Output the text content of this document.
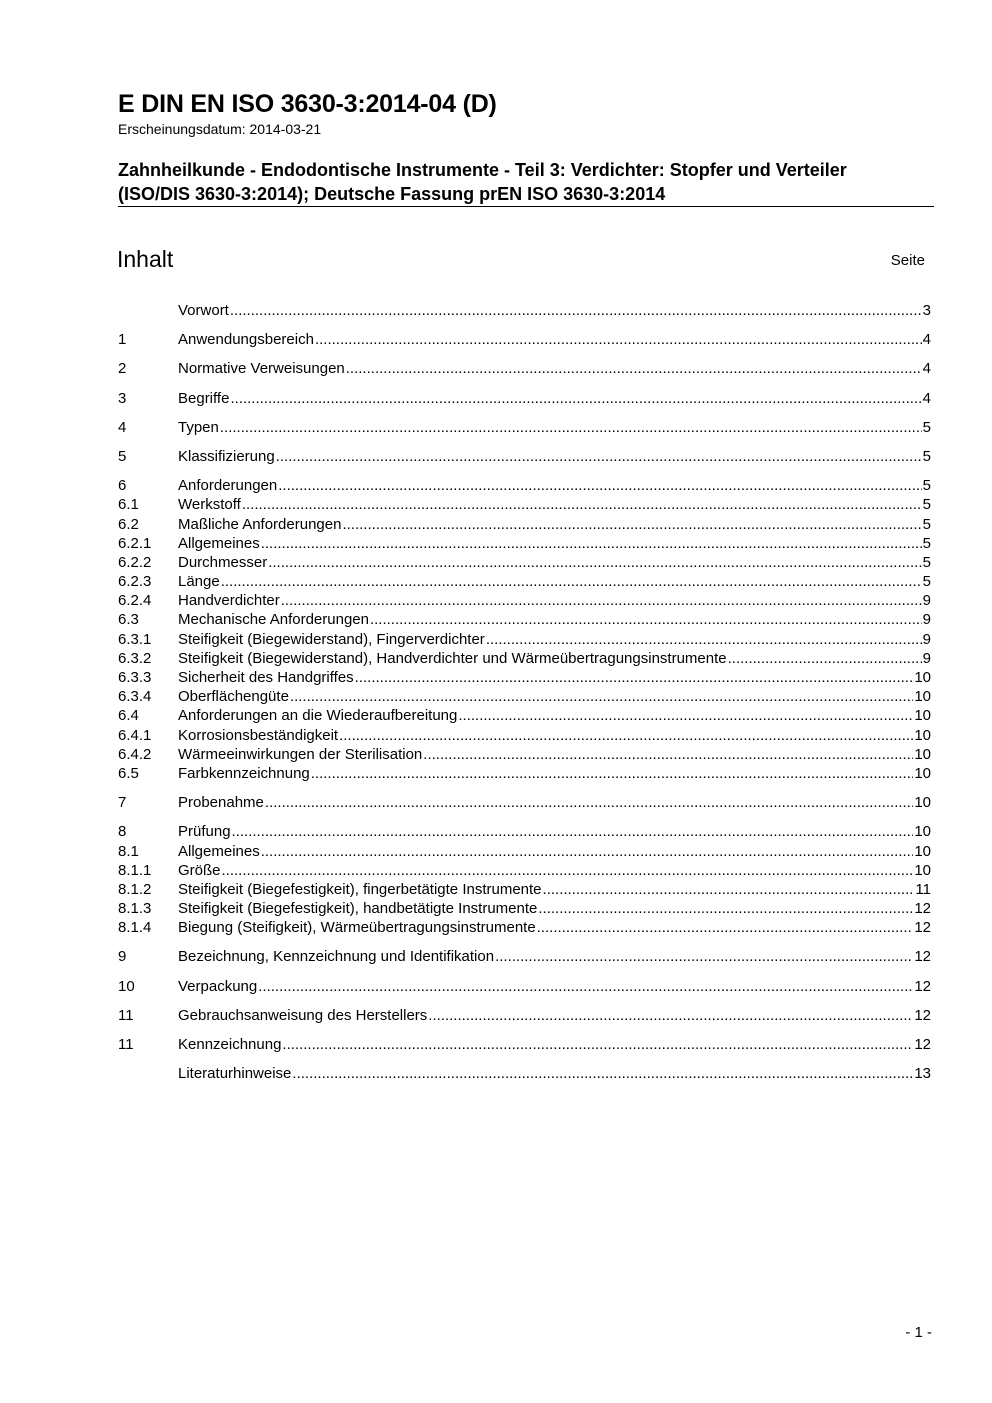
E DIN EN ISO 3630-3:2014-04 (D)
Erscheinungsdatum: 2014-03-21
Zahnheilkunde - Endodontische Instrumente - Teil 3: Verdichter: Stopfer und Verteiler (ISO/DIS 3630-3:2014); Deutsche Fassung prEN ISO 3630-3:2014
Inhalt	Seite
Vorwort .....	3
1	Anwendungsbereich .....	4
2	Normative Verweisungen .....	4
3	Begriffe .....	4
4	Typen .....	5
5	Klassifizierung .....	5
6	Anforderungen .....	5
6.1	Werkstoff .....	5
6.2	Maßliche Anforderungen .....	5
6.2.1	Allgemeines .....	5
6.2.2	Durchmesser .....	5
6.2.3	Länge .....	5
6.2.4	Handverdichter .....	9
6.3	Mechanische Anforderungen .....	9
6.3.1	Steifigkeit (Biegewiderstand), Fingerverdichter .....	9
6.3.2	Steifigkeit (Biegewiderstand), Handverdichter und Wärmeübertragungsinstrumente .....	9
6.3.3	Sicherheit des Handgriffes .....	10
6.3.4	Oberflächengüte .....	10
6.4	Anforderungen an die Wiederaufbereitung .....	10
6.4.1	Korrosionsbeständigkeit .....	10
6.4.2	Wärmeeinwirkungen der Sterilisation .....	10
6.5	Farbkennzeichnung .....	10
7	Probenahme .....	10
8	Prüfung .....	10
8.1	Allgemeines .....	10
8.1.1	Größe .....	10
8.1.2	Steifigkeit (Biegefestigkeit), fingerbetätigte Instrumente .....	11
8.1.3	Steifigkeit (Biegefestigkeit), handbetätigte Instrumente .....	12
8.1.4	Biegung (Steifigkeit), Wärmeübertragungsinstrumente .....	12
9	Bezeichnung, Kennzeichnung und Identifikation .....	12
10	Verpackung .....	12
11	Gebrauchsanweisung des Herstellers .....	12
11	Kennzeichnung .....	12
Literaturhinweise .....	13
- 1 -
